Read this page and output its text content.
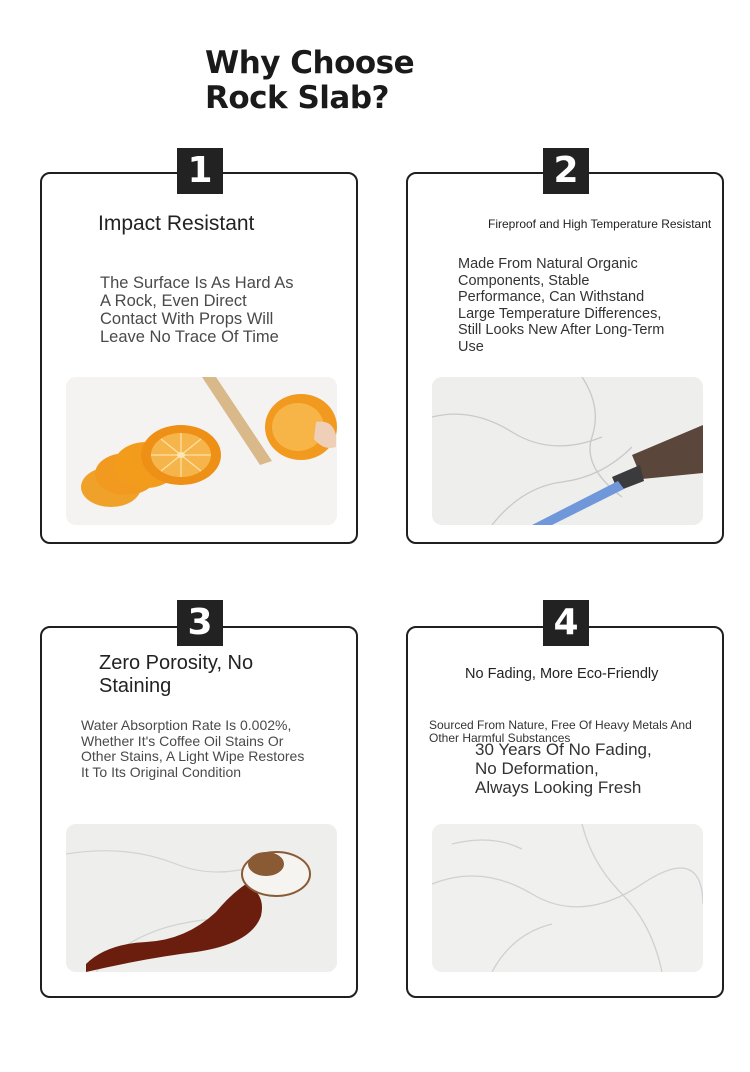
Why Choose Rock Slab?
1
Impact Resistant
The Surface Is As Hard As A Rock, Even Direct Contact With Props Will Leave No Trace Of Time
2
Fireproof and High Temperature Resistant
Made From Natural Organic Components, Stable Performance, Can Withstand Large Temperature Differences, Still Looks New After Long-Term Use
3
Zero Porosity, No Staining
Water Absorption Rate Is 0.002%, Whether It's Coffee Oil Stains Or Other Stains, A Light Wipe Restores It To Its Original Condition
4
No Fading, More Eco-Friendly
Sourced From Nature, Free Of Heavy Metals And Other Harmful Substances
30 Years Of No Fading, No Deformation, Always Looking Fresh
